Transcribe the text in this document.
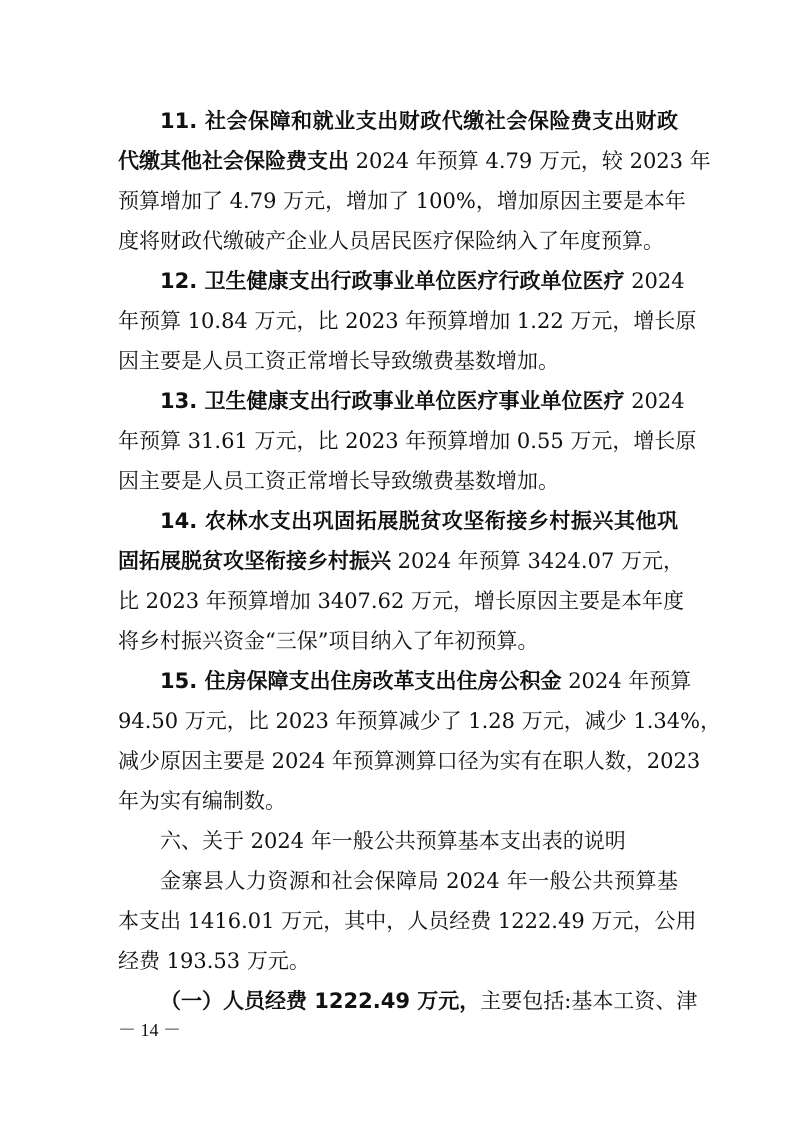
11. 社会保障和就业支出财政代缴社会保险费支出财政
代缴其他社会保险费支出 2024 年预算 4.79 万元，较 2023 年
预算增加了 4.79 万元，增加了 100%，增加原因主要是本年
度将财政代缴破产企业人员居民医疗保险纳入了年度预算。
12. 卫生健康支出行政事业单位医疗行政单位医疗 2024
年预算 10.84 万元，比 2023 年预算增加 1.22 万元，增长原
因主要是人员工资正常增长导致缴费基数增加。
13. 卫生健康支出行政事业单位医疗事业单位医疗 2024
年预算 31.61 万元，比 2023 年预算增加 0.55 万元，增长原
因主要是人员工资正常增长导致缴费基数增加。
14. 农林水支出巩固拓展脱贫攻坚衔接乡村振兴其他巩
固拓展脱贫攻坚衔接乡村振兴 2024 年预算 3424.07 万元，
比 2023 年预算增加 3407.62 万元，增长原因主要是本年度
将乡村振兴资金“三保”项目纳入了年初预算。
15. 住房保障支出住房改革支出住房公积金 2024 年预算
94.50 万元，比 2023 年预算减少了 1.28 万元，减少 1.34%，
减少原因主要是 2024 年预算测算口径为实有在职人数，2023
年为实有编制数。
六、关于 2024 年一般公共预算基本支出表的说明
金寨县人力资源和社会保障局 2024 年一般公共预算基
本支出 1416.01 万元，其中，人员经费 1222.49 万元，公用
经费 193.53 万元。
（一）人员经费 1222.49 万元，主要包括:基本工资、津
－ 14 －
